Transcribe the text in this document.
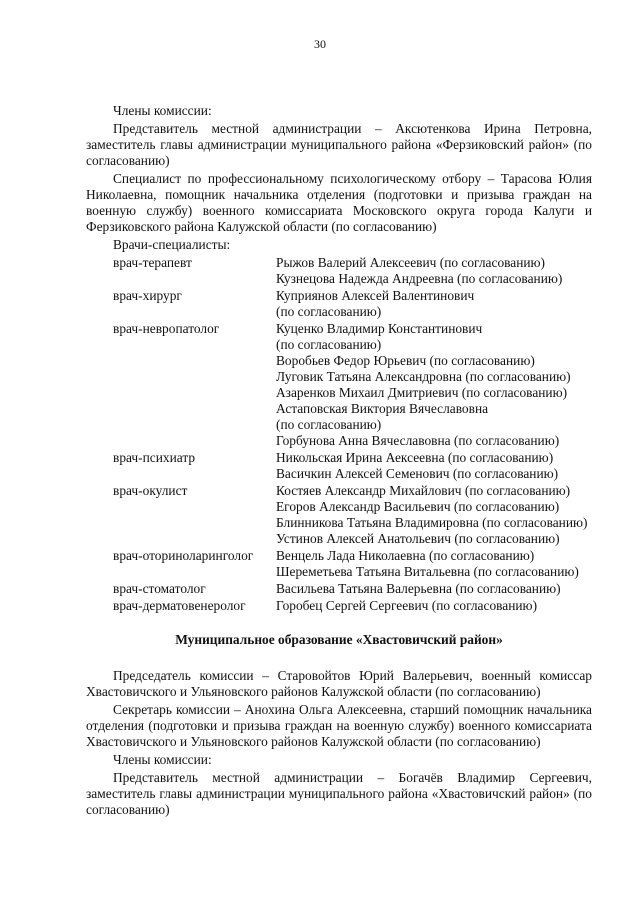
30

Члены комиссии:

Представитель местной администрации – Аксютенкова Ирина Петровна, заместитель главы администрации муниципального района «Ферзиковский район» (по согласованию)

Специалист по профессиональному психологическому отбору – Тарасова Юлия Николаевна, помощник начальника отделения (подготовки и призыва граждан на военную службу) военного комиссариата Московского округа города Калуги и Ферзиковского района Калужской области (по согласованию)

Врачи-специалисты:

врач-терапевт	Рыжов Валерий Алексеевич (по согласованию)
Кузнецова Надежда Андреевна (по согласованию)
врач-хирург	Куприянов Алексей Валентинович
(по согласованию)
врач-невропатолог	Куценко Владимир Константинович
(по согласованию)
Воробьев Федор Юрьевич (по согласованию)
Луговик Татьяна Александровна (по согласованию)
Азаренков Михаил Дмитриевич (по согласованию)
Астаповская Виктория Вячеславовна
(по согласованию)
Горбунова Анна Вячеславовна (по согласованию)
врач-психиатр	Никольская Ирина Аексеевна (по согласованию)
Васичкин Алексей Семенович (по согласованию)
врач-окулист	Костяев Александр Михайлович (по согласованию)
Егоров Александр Васильевич (по согласованию)
Блинникова Татьяна Владимировна (по согласованию)
Устинов Алексей Анатольевич (по согласованию)
врач-оториноларинголог	Венцель Лада Николаевна (по согласованию)
Шереметьева Татьяна Витальевна (по согласованию)
врач-стоматолог	Васильева Татьяна Валерьевна (по согласованию)
врач-дерматовенеролог	Горобец Сергей Сергеевич (по согласованию)

Муниципальное образование «Хвастовичский район»

Председатель комиссии – Старовойтов Юрий Валерьевич, военный комиссар Хвастовичского и Ульяновского районов Калужской области (по согласованию)

Секретарь комиссии – Анохина Ольга Алексеевна, старший помощник начальника отделения (подготовки и призыва граждан на военную службу) военного комиссариата Хвастовичского и Ульяновского районов Калужской области (по согласованию)

Члены комиссии:

Представитель местной администрации – Богачёв Владимир Сергеевич, заместитель главы администрации муниципального района «Хвастовичский район» (по согласованию)
